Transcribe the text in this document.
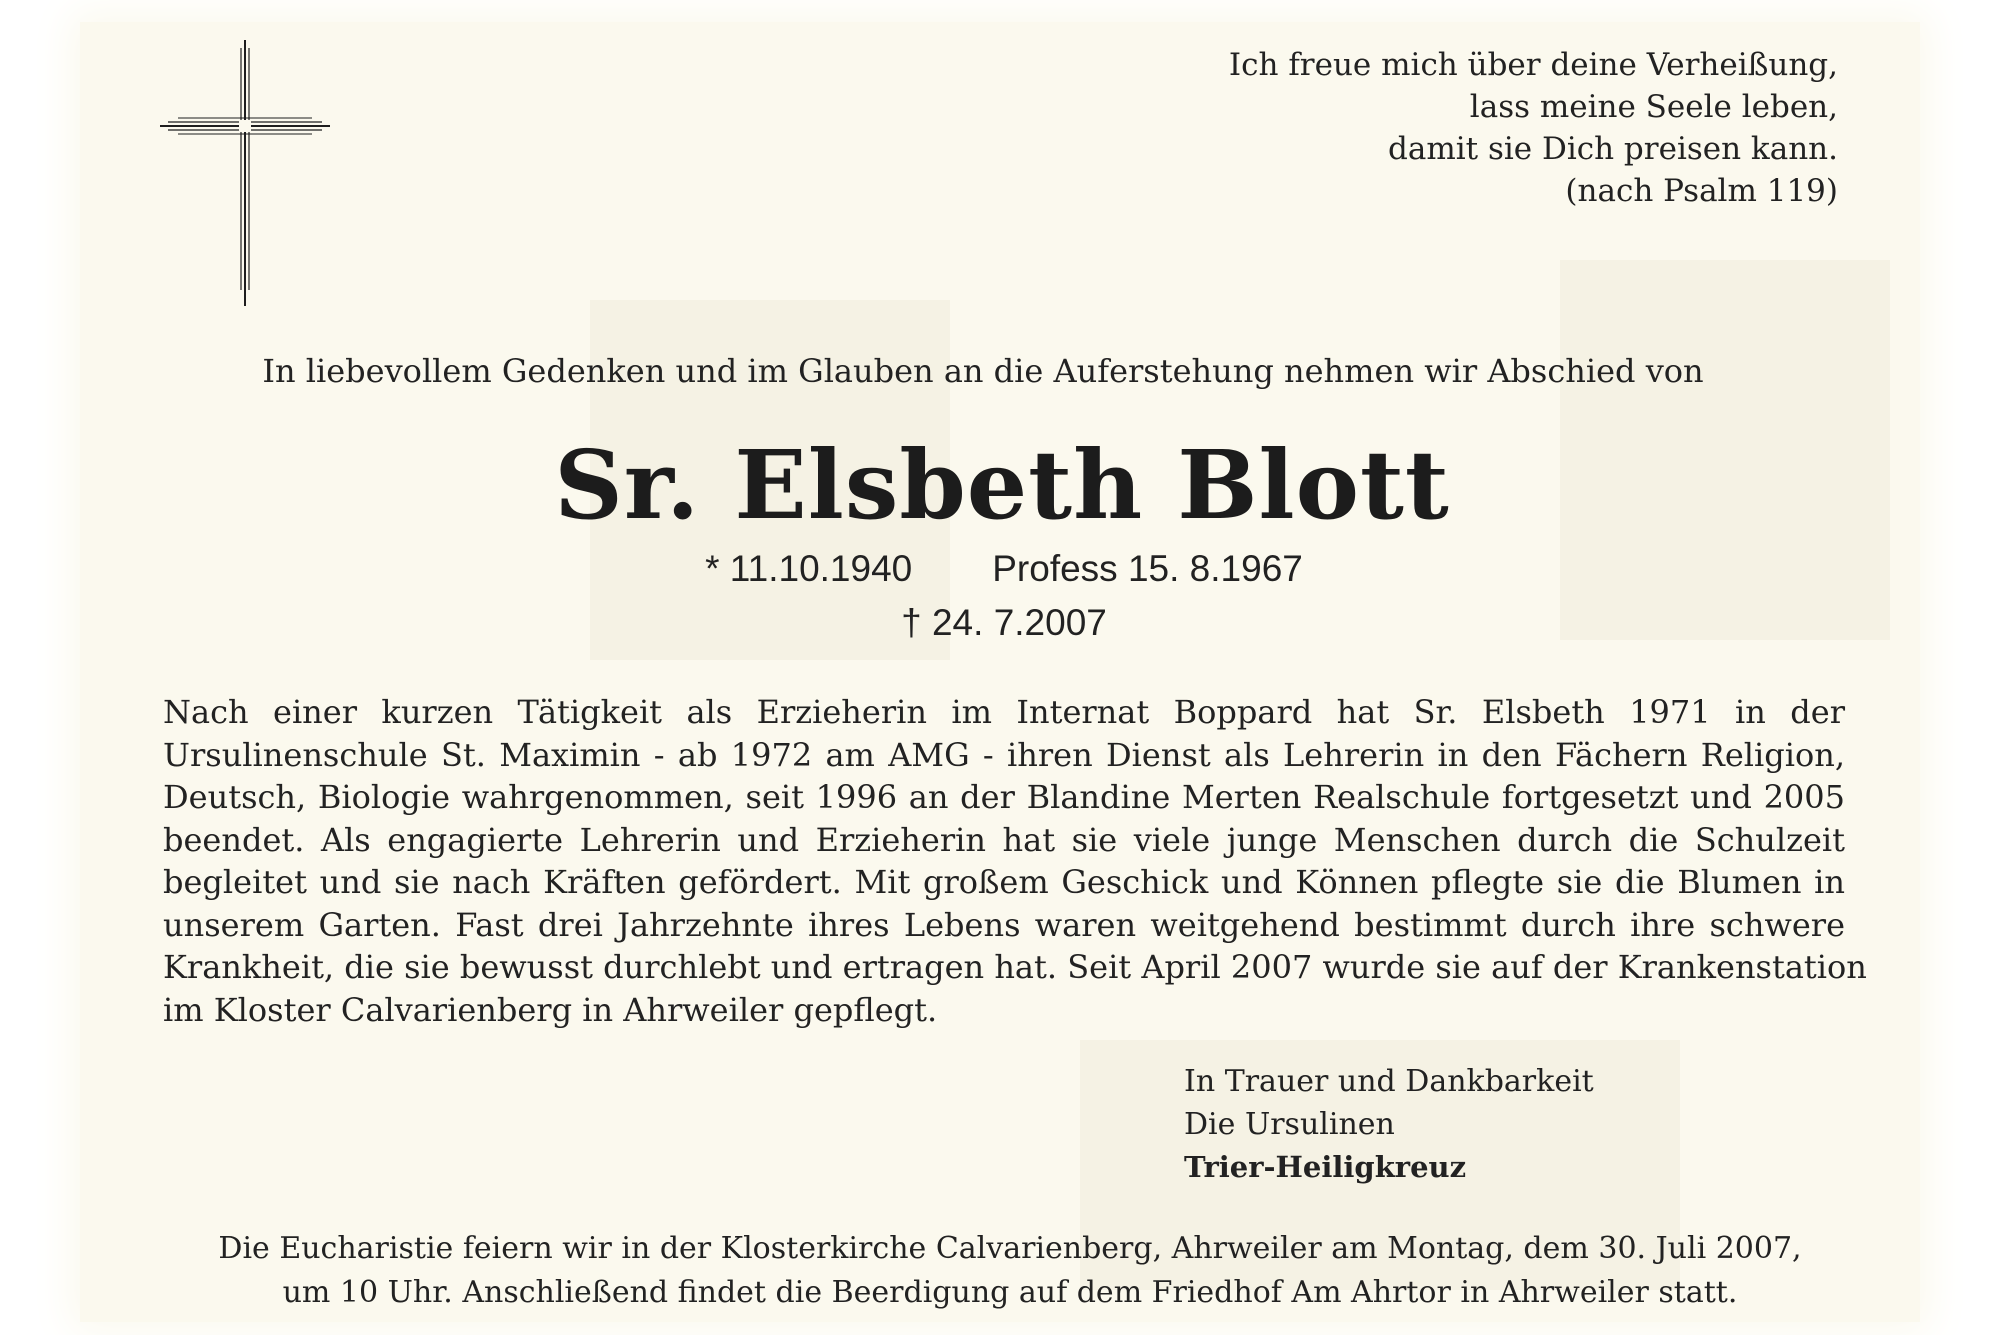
Ich freue mich über deine Verheißung,
lass meine Seele leben,
damit sie Dich preisen kann.
(nach Psalm 119)
In liebevollem Gedenken und im Glauben an die Auferstehung nehmen wir Abschied von
Sr. Elsbeth Blott
* 11.10.1940 Profess 15. 8.1967
† 24. 7.2007
Nach einer kurzen Tätigkeit als Erzieherin im Internat Boppard hat Sr. Elsbeth 1971 in der
Ursulinenschule St. Maximin - ab 1972 am AMG - ihren Dienst als Lehrerin in den Fächern Religion,
Deutsch, Biologie wahrgenommen, seit 1996 an der Blandine Merten Realschule fortgesetzt und 2005
beendet. Als engagierte Lehrerin und Erzieherin hat sie viele junge Menschen durch die Schulzeit
begleitet und sie nach Kräften gefördert. Mit großem Geschick und Können pflegte sie die Blumen in
unserem Garten. Fast drei Jahrzehnte ihres Lebens waren weitgehend bestimmt durch ihre schwere
Krankheit, die sie bewusst durchlebt und ertragen hat. Seit April 2007 wurde sie auf der Krankenstation
im Kloster Calvarienberg in Ahrweiler gepflegt.
In Trauer und Dankbarkeit
Die Ursulinen
Trier-Heiligkreuz
Die Eucharistie feiern wir in der Klosterkirche Calvarienberg, Ahrweiler am Montag, dem 30. Juli 2007,
um 10 Uhr. Anschließend findet die Beerdigung auf dem Friedhof Am Ahrtor in Ahrweiler statt.
